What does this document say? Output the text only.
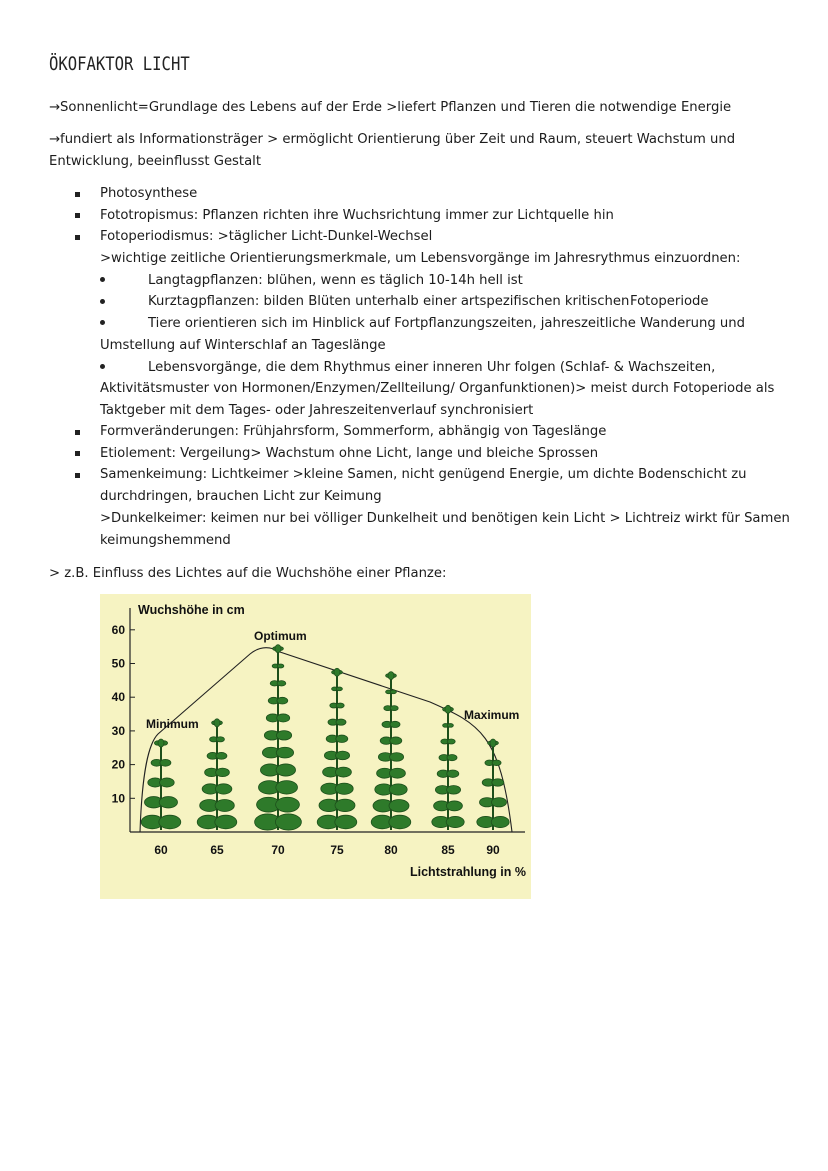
ÖKOFAKTOR LICHT
→Sonnenlicht=Grundlage des Lebens auf der Erde >liefert Pflanzen und Tieren die notwendige Energie
→fundiert als Informationsträger > ermöglicht Orientierung über Zeit und Raum, steuert Wachstum und
Entwicklung, beeinflusst Gestalt
Photosynthese
Fototropismus: Pflanzen richten ihre Wuchsrichtung immer zur Lichtquelle hin
Fotoperiodismus: >täglicher Licht-Dunkel-Wechsel
>wichtige zeitliche Orientierungsmerkmale, um Lebensvorgänge im Jahresrythmus einzuordnen:
Langtagpflanzen: blühen, wenn es täglich 10-14h hell ist
Kurztagpflanzen: bilden Blüten unterhalb einer artspezifischen kritischen Fotoperiode
Tiere orientieren sich im Hinblick auf Fortpflanzungszeiten, jahreszeitliche Wanderung und
Umstellung auf Winterschlaf an Tageslänge
Lebensvorgänge, die dem Rhythmus einer inneren Uhr folgen (Schlaf- & Wachszeiten,
Aktivitätsmuster von Hormonen/Enzymen/Zellteilung/ Organfunktionen)> meist durch Fotoperiode als
Taktgeber mit dem Tages- oder Jahreszeitenverlauf synchronisiert
Formveränderungen: Frühjahrsform, Sommerform, abhängig von Tageslänge
Etiolement: Vergeilung> Wachstum ohne Licht, lange und bleiche Sprossen
Samenkeimung: Lichtkeimer >kleine Samen, nicht genügend Energie, um dichte Bodenschicht zu
durchdringen, brauchen Licht zur Keimung
>Dunkelkeimer: keimen nur bei völliger Dunkelheit und benötigen kein Licht > Lichtreiz wirkt für Samen
keimungshemmend
> z.B. Einfluss des Lichtes auf die Wuchshöhe einer Pflanze:
Wuchshöhe in cm
Lichtstrahlung in %
10
20
30
40
50
60
60	65	70	75	80	85	90
Minimum
Optimum
Maximum
